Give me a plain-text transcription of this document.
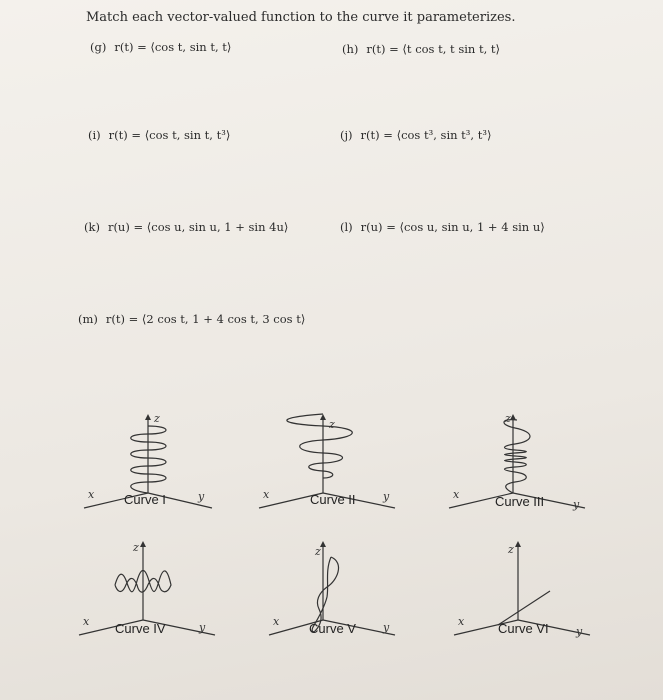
Match each vector-valued function to the curve it parameterizes.
(g) r(t) = ⟨cos t, sin t, t⟩	(h) r(t) = ⟨t cos t, t sin t, t⟩
(i) r(t) = ⟨cos t, sin t, t³⟩	(j) r(t) = ⟨cos t³, sin t³, t³⟩
(k) r(u) = ⟨cos u, sin u, 1 + sin 4u⟩	(l) r(u) = ⟨cos u, sin u, 1 + 4 sin u⟩
(m) r(t) = ⟨2 cos t, 1 + 4 cos t, 3 cos t⟩
z
x	y
Curve I
z
x	y
Curve II
z
x
y
Curve III
z
x	y
Curve IV
z
x	y
Curve V
z
x
y
Curve VI
